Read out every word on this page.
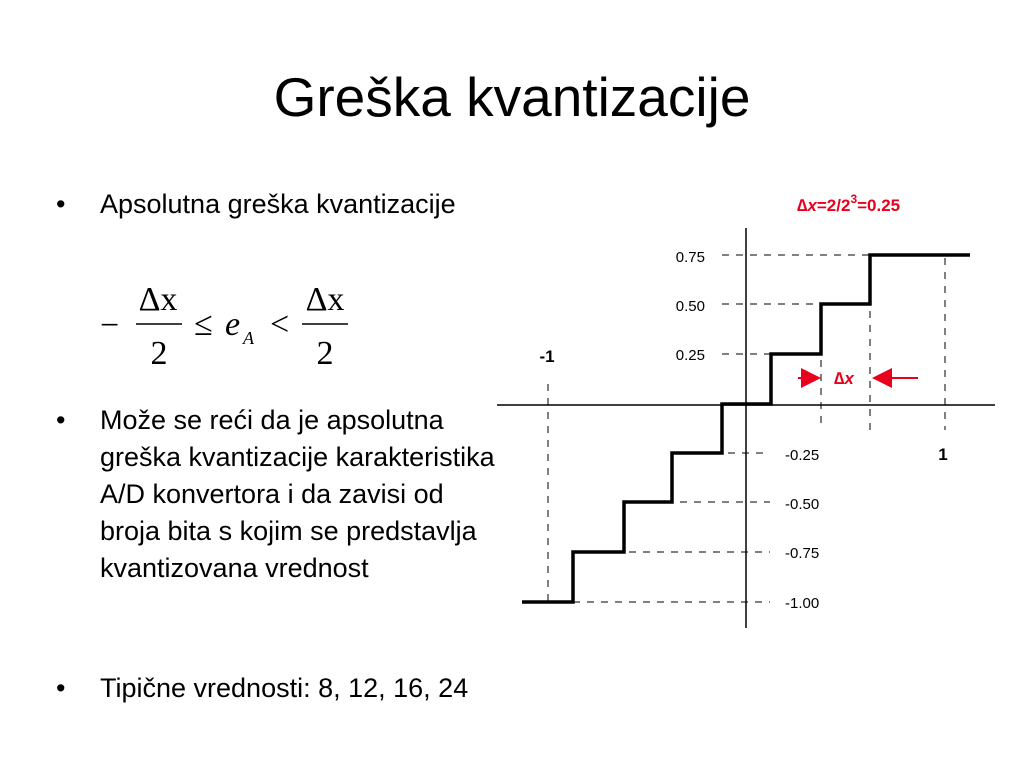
Greška kvantizacije
•	Apsolutna greška kvantizacije
−
Δx
2
≤ e A <
Δx
2
•	Može se reći da je apsolutna greška kvantizacije karakteristika A/D konvertora i da zavisi od broja bita s kojim se predstavlja kvantizovana vrednost
•	Tipične vrednosti: 8, 12, 16, 24
0.75
0.50
0.25
-0.25
-0.50
-0.75
-1.00
-1
1
$\Delta x=2/2^3=0.25$
∆x
